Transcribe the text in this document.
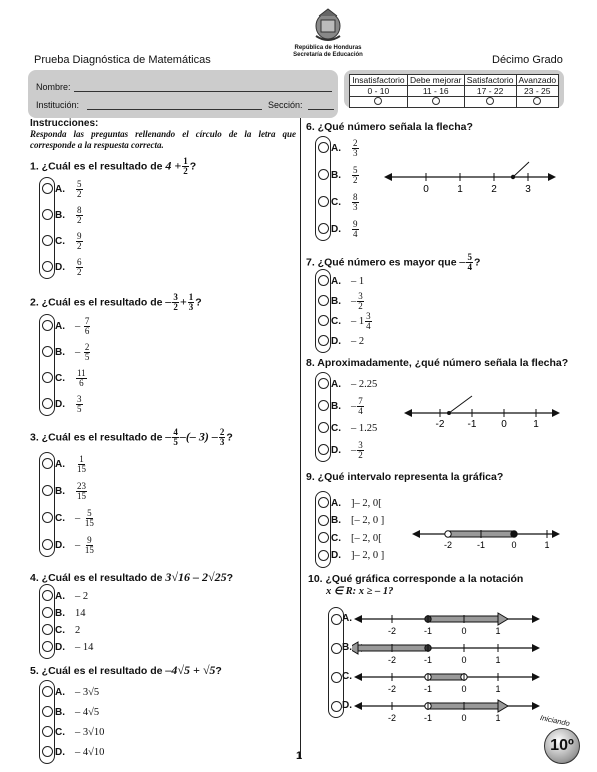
República de Honduras
Secretaría de Educación
Prueba Diagnóstica de Matemáticas	Décimo Grado
Nombre:
Institución:	Sección:
Insatisfactorio	Debe mejorar	Satisfactorio	Avanzado
0 - 10	11 - 16	17 - 22	23 - 25

Instrucciones:
Responda las preguntas rellenando el círculo de la letra que corresponde a la respuesta correcta.
1. ¿Cuál es el resultado de $4 + \frac{1}{2}$ ?
2. ¿Cuál es el resultado de – $\frac{3}{2} + \frac{1}{3}$ ?
3. ¿Cuál es el resultado de – $\frac{4}{5}$ –(– $3) - \frac{2}{3}$ ?
4. ¿Cuál es el resultado de 3√16 – 2√25?
5. ¿Cuál es el resultado de –4√5 + √5?
6. ¿Qué número señala la flecha?
0	1	2	3
7. ¿Qué número es mayor que – $\frac{5}{4}$ ?
8. Aproximadamente, ¿qué número señala la flecha?
-2 -1 0	1
9. ¿Qué intervalo representa la gráfica?
-2	-1	0	1
10. ¿Qué gráfica corresponde a la notación
x ∈ R: x ≥ – 1?
1
10º
Iniciando
A.	$\frac{5}{2}$
B.	$\frac{8}{2}$
C.	$\frac{9}{2}$
D.	$\frac{6}{2}$
A. – $\frac{7}{6}$
B. – $\frac{2}{5}$
C.	$\frac{11}{6}$
D.	$\frac{3}{5}$
A.	$\frac{1}{15}$
B.	$\frac{23}{15}$
C. – $\frac{5}{15}$
D. – $\frac{9}{15}$
A. – 2
B. 14
C. 2
D. – 14
A. – 3√5
B. – 4√5
C. – 3√10
D. – 4√10
A.	$\frac{2}{3}$
B.	$\frac{5}{2}$
C.	$\frac{8}{3}$
D.	$\frac{9}{4}$
A. – 1
B. – $\frac{3}{2}$
C. – $1 \frac{3}{4}$
D. – 2
A. – 2.25
B. – $\frac{7}{4}$
C. – 1.25
D. – $\frac{3}{2}$
A. ]– 2, 0[
B. [– 2, 0 ]
C. [– 2, 0[
D. ]– 2, 0 ]
A.
-2	-1	0	1
B.
-2	-1	0	1
C.
-2	-1	0	1
D.
-2	-1	0	1
